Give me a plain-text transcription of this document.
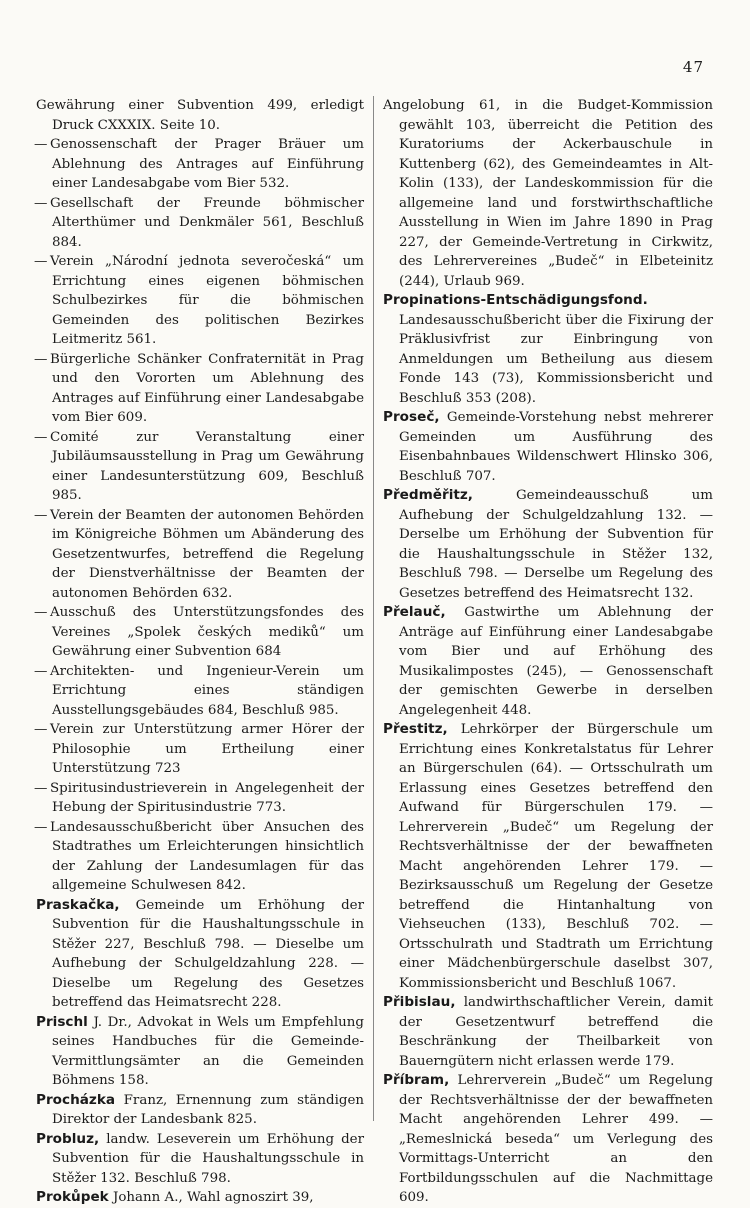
47

Gewährung einer Subvention 499, erledigt Druck CXXXIX. Seite 10.

— Genossenschaft der Prager Bräuer um Ablehnung des Antrages auf Einführung einer Landesabgabe vom Bier 532.

— Gesellschaft der Freunde böhmischer Alterthümer und Denkmäler 561, Beschluß 884.

— Verein „Národní jednota severočeská“ um Errichtung eines eigenen böhmischen Schulbezirkes für die böhmischen Gemeinden des politischen Bezirkes Leitmeritz 561.

— Bürgerliche Schänker Confraternität in Prag und den Vororten um Ablehnung des Antrages auf Einführung einer Landesabgabe vom Bier 609.

— Comité zur Veranstaltung einer Jubiläumsausstellung in Prag um Gewährung einer Landesunterstützung 609, Beschluß 985.

— Verein der Beamten der autonomen Behörden im Königreiche Böhmen um Abänderung des Gesetzentwurfes, betreffend die Regelung der Dienstverhältnisse der Beamten der autonomen Behörden 632.

— Ausschuß des Unterstützungsfondes des Vereines „Spolek českých mediků“ um Gewährung einer Subvention 684

— Architekten- und Ingenieur-Verein um Errichtung eines ständigen Ausstellungsgebäudes 684, Beschluß 985.

— Verein zur Unterstützung armer Hörer der Philosophie um Ertheilung einer Unterstützung 723

— Spiritusindustrieverein in Angelegenheit der Hebung der Spiritusindustrie 773.

— Landesausschußbericht über Ansuchen des Stadtrathes um Erleichterungen hinsichtlich der Zahlung der Landesumlagen für das allgemeine Schulwesen 842.

Praskačka, Gemeinde um Erhöhung der Subvention für die Haushaltungsschule in Stěžer 227, Beschluß 798. — Dieselbe um Aufhebung der Schulgeldzahlung 228. — Dieselbe um Regelung des Gesetzes betreffend das Heimatsrecht 228.

Prischl J. Dr., Advokat in Wels um Empfehlung seines Handbuches für die Gemeinde-Vermittlungsämter an die Gemeinden Böhmens 158.

Procházka Franz, Ernennung zum ständigen Direktor der Landesbank 825.

Probluz, landw. Leseverein um Erhöhung der Subvention für die Haushaltungsschule in Stěžer 132. Beschluß 798.

Prokůpek Johann A., Wahl agnoszirt 39,

Angelobung 61, in die Budget-Kommission gewählt 103, überreicht die Petition des Kuratoriums der Ackerbauschule in Kuttenberg (62), des Gemeindeamtes in Alt-Kolin (133), der Landeskommission für die allgemeine land und forstwirthschaftliche Ausstellung in Wien im Jahre 1890 in Prag 227, der Gemeinde-Vertretung in Cirkwitz, des Lehrervereines „Budeč“ in Elbeteinitz (244), Urlaub 969.

Propinations-Entschädigungsfond. Landesausschußbericht über die Fixirung der Präklusivfrist zur Einbringung von Anmeldungen um Betheilung aus diesem Fonde 143 (73), Kommissionsbericht und Beschluß 353 (208).

Proseč, Gemeinde-Vorstehung nebst mehrerer Gemeinden um Ausführung des Eisenbahnbaues Wildenschwert Hlinsko 306, Beschluß 707.

Předměřitz,	Gemeindeausschuß um Aufhebung der Schulgeldzahlung 132. — Derselbe um Erhöhung der Subvention für die Haushaltungsschule in Stěžer 132, Beschluß 798. — Derselbe um Regelung des Gesetzes betreffend des Heimatsrecht 132.

Přelauč, Gastwirthe um Ablehnung der Anträge auf Einführung einer Landesabgabe vom Bier und auf Erhöhung des Musikalimpostes (245), — Genossenschaft der gemischten Gewerbe in derselben Angelegenheit 448.

Přestitz, Lehrkörper der Bürgerschule um Errichtung eines Konkretalstatus für Lehrer an Bürgerschulen (64). — Ortsschulrath um Erlassung eines Gesetzes betreffend den Aufwand für Bürgerschulen 179. — Lehrerverein „Budeč“ um Regelung der Rechtsverhältnisse der der bewaffneten Macht angehörenden Lehrer 179. — Bezirksausschuß um Regelung der Gesetze betreffend die Hintanhaltung von Viehseuchen (133), Beschluß 702. — Ortsschulrath und Stadtrath um Errichtung einer Mädchenbürgerschule daselbst 307, Kommissionsbericht und Beschluß 1067.

Přibislau, landwirthschaftlicher Verein, damit der Gesetzentwurf betreffend die Beschränkung der Theilbarkeit von Bauerngütern nicht erlassen werde 179.

Příbram, Lehrerverein „Budeč“ um Regelung der Rechtsverhältnisse der der bewaffneten Macht angehörenden Lehrer 499. — „Remeslnická beseda“ um Verlegung des Vormittags-Unterricht an den Fortbildungsschulen auf die Nachmittage 609.
